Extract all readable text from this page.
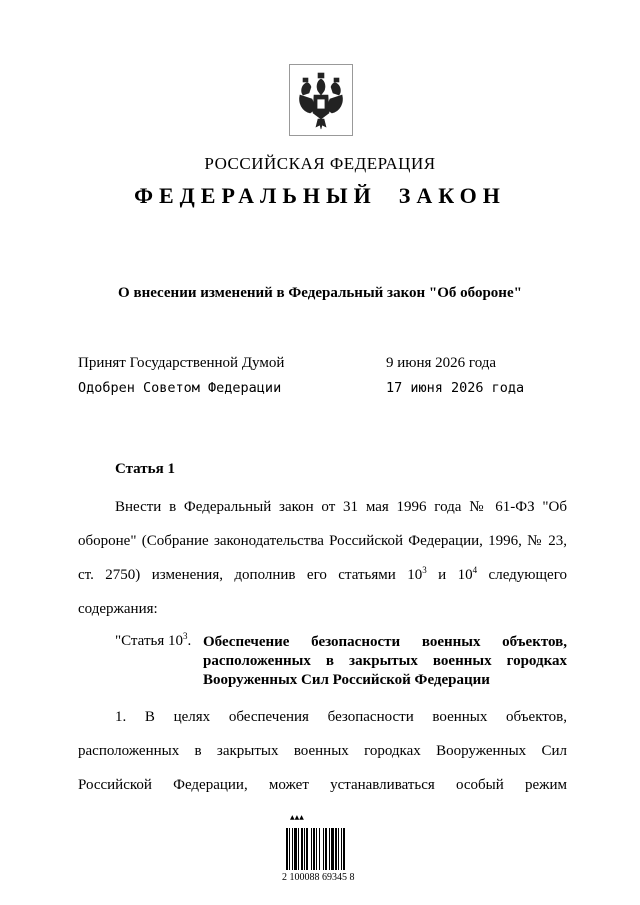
РОССИЙСКАЯ ФЕДЕРАЦИЯ
ФЕДЕРАЛЬНЫЙ ЗАКОН
О внесении изменений в Федеральный закон "Об обороне"
Принят Государственной Думой	9 июня 2026 года
Одобрен Советом Федерации	17 июня 2026 года
Статья 1
Внести в Федеральный закон от 31 мая 1996 года № 61-ФЗ "Об
обороне" (Собрание законодательства Российской Федерации, 1996, № 23,
ст. 2750) изменения, дополнив его статьями $10^3$ и $10^4$ следующего
содержания:
"Статья $10^3$. Обеспечение безопасности военных объектов,
расположенных в закрытых военных городках
Вооруженных Сил Российской Федерации
1. В целях обеспечения безопасности военных объектов,
расположенных в закрытых военных городках Вооруженных Сил
Российской Федерации, может устанавливаться особый режим
▲▲▲
2 100088 69345 8
